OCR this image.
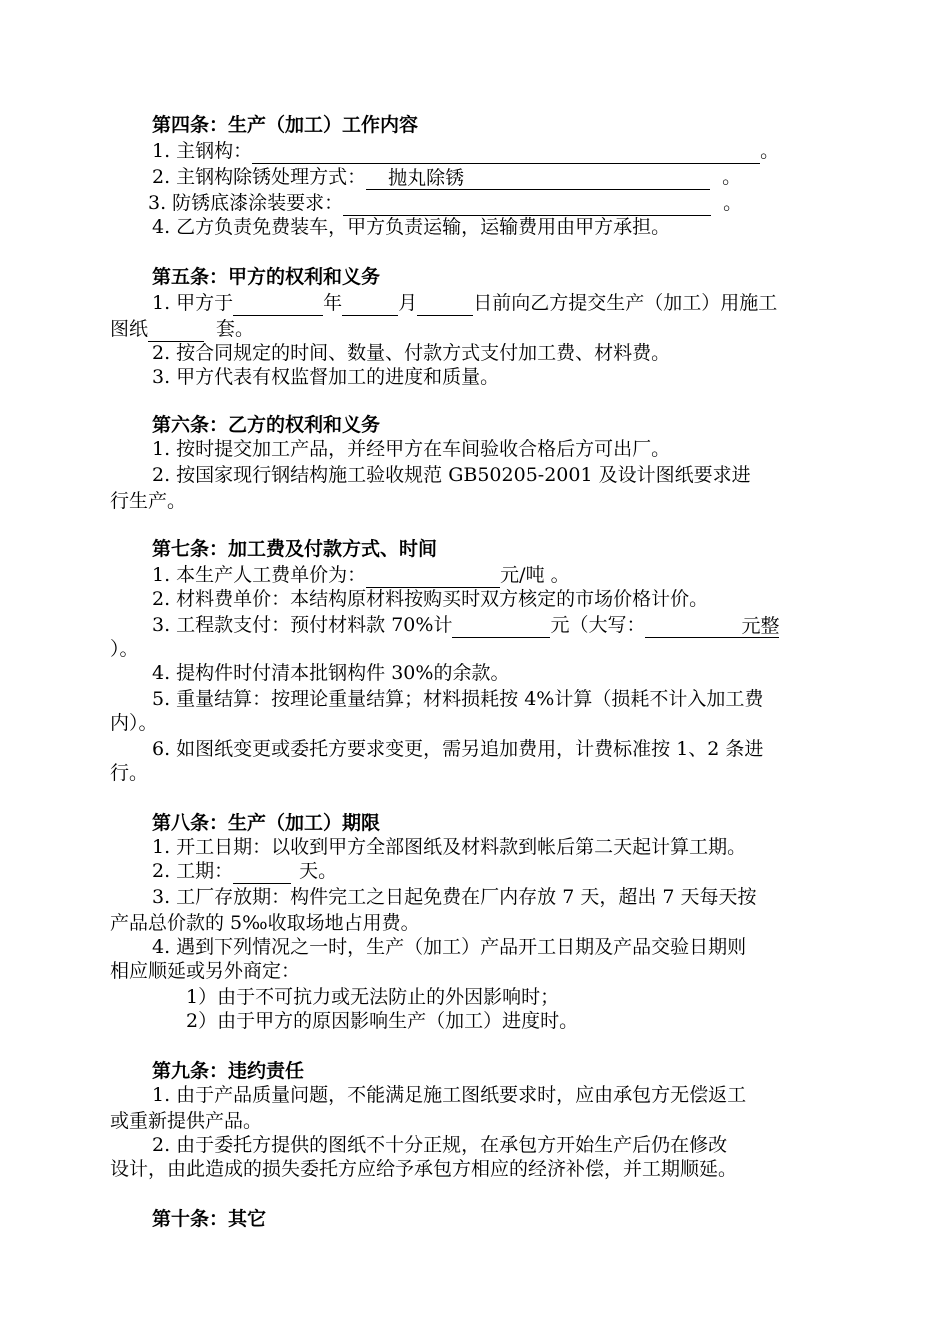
第四条：生产（加工）工作内容
1. 主钢构：	。
2. 主钢构除锈处理方式： 抛丸除锈	。
3. 防锈底漆涂装要求：	。
4. 乙方负责免费装车，甲方负责运输，运输费用由甲方承担。
第五条：甲方的权利和义务
1. 甲方于	年	月	日前向乙方提交生产（加工）用施工
图纸	套。
2. 按合同规定的时间、数量、付款方式支付加工费、材料费。
3. 甲方代表有权监督加工的进度和质量。
第六条：乙方的权利和义务
1. 按时提交加工产品，并经甲方在车间验收合格后方可出厂。
2. 按国家现行钢结构施工验收规范 GB50205-2001 及设计图纸要求进
行生产。
第七条：加工费及付款方式、时间
1. 本生产人工费单价为：	元/吨 。
2. 材料费单价：本结构原材料按购买时双方核定的市场价格计价。
3. 工程款支付：预付材料款 70%计	元（大写：	元整
）。
4. 提构件时付清本批钢构件 30%的余款。
5. 重量结算：按理论重量结算；材料损耗按 4%计算（损耗不计入加工费
内）。
6. 如图纸变更或委托方要求变更，需另追加费用，计费标准按 1、2 条进
行。
第八条：生产（加工）期限
1. 开工日期：以收到甲方全部图纸及材料款到帐后第二天起计算工期。
2. 工期：	天。
3. 工厂存放期：构件完工之日起免费在厂内存放 7 天，超出 7 天每天按
产品总价款的 5‰收取场地占用费。
4. 遇到下列情况之一时，生产（加工）产品开工日期及产品交验日期则
相应顺延或另外商定：
1）由于不可抗力或无法防止的外因影响时；
2）由于甲方的原因影响生产（加工）进度时。
第九条：违约责任
1. 由于产品质量问题，不能满足施工图纸要求时，应由承包方无偿返工
或重新提供产品。
2. 由于委托方提供的图纸不十分正规，在承包方开始生产后仍在修改
设计，由此造成的损失委托方应给予承包方相应的经济补偿，并工期顺延。
第十条：其它
